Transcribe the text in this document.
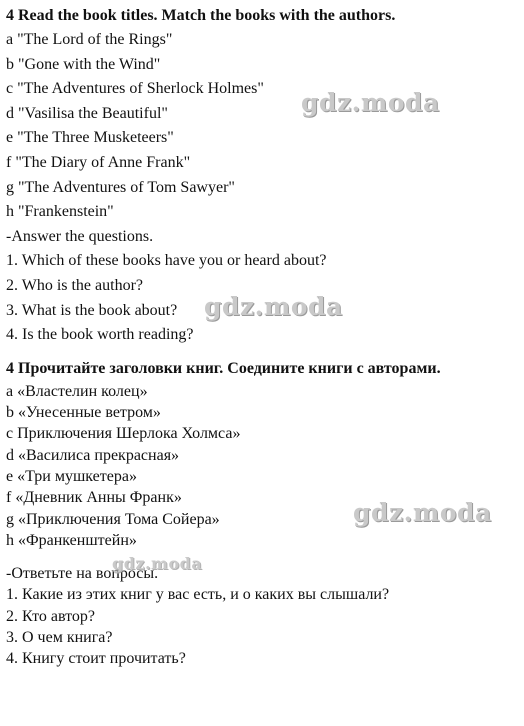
4 Read the book titles. Match the books with the authors.

a "The Lord of the Rings"

b "Gone with the Wind"

c "The Adventures of Sherlock Holmes"

d "Vasilisa the Beautiful"

e "The Three Musketeers"

f "The Diary of Anne Frank"

g "The Adventures of Tom Sawyer"

h "Frankenstein"

-Answer the questions.

1. Which of these books have you or heard about?

2. Who is the author?

3. What is the book about?

4. Is the book worth reading?

4 Прочитайте заголовки книг. Соедините книги с авторами.

a «Властелин колец»

b «Унесенные ветром»

c Приключения Шерлока Холмса»

d «Василиса прекрасная»

e «Три мушкетера»

f «Дневник Анны Франк»

g «Приключения Тома Сойера»

h «Франкенштейн»

-Ответьте на вопросы.

1. Какие из этих книг у вас есть, и о каких вы слышали?

2. Кто автор?

3. О чем книга?

4. Книгу стоит прочитать?

gdz.moda
gdz.moda
gdz.moda
gdz.moda
